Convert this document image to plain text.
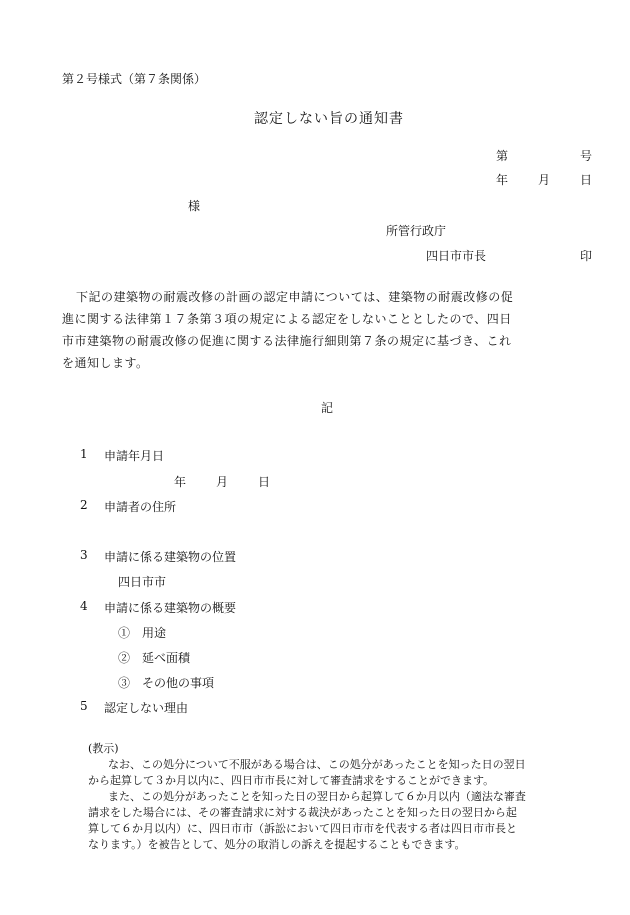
第２号様式（第７条関係）
認定しない旨の通知書
第	号
年 月 日
様
所管行政庁
四日市市長	印

下記の建築物の耐震改修の計画の認定申請については、建築物の耐震改修の促

進に関する法律第１７条第３項の規定による認定をしないこととしたので、四日

市市建築物の耐震改修の促進に関する法律施行細則第７条の規定に基づき、これ

を通知します。

記
1 申請年月日
年 月 日
2 申請者の住所
3 申請に係る建築物の位置
四日市市
4 申請に係る建築物の概要
①　用途
②　延べ面積
③　その他の事項
5 認定しない理由

(教示)

なお、この処分について不服がある場合は、この処分があったことを知った日の翌日

から起算して３か月以内に、四日市市長に対して審査請求をすることができます。

また、この処分があったことを知った日の翌日から起算して６か月以内（適法な審査

請求をした場合には、その審査請求に対する裁決があったことを知った日の翌日から起

算して６か月以内）に、四日市市（訴訟において四日市市を代表する者は四日市市長と

なります。）を被告として、処分の取消しの訴えを提起することもできます。
